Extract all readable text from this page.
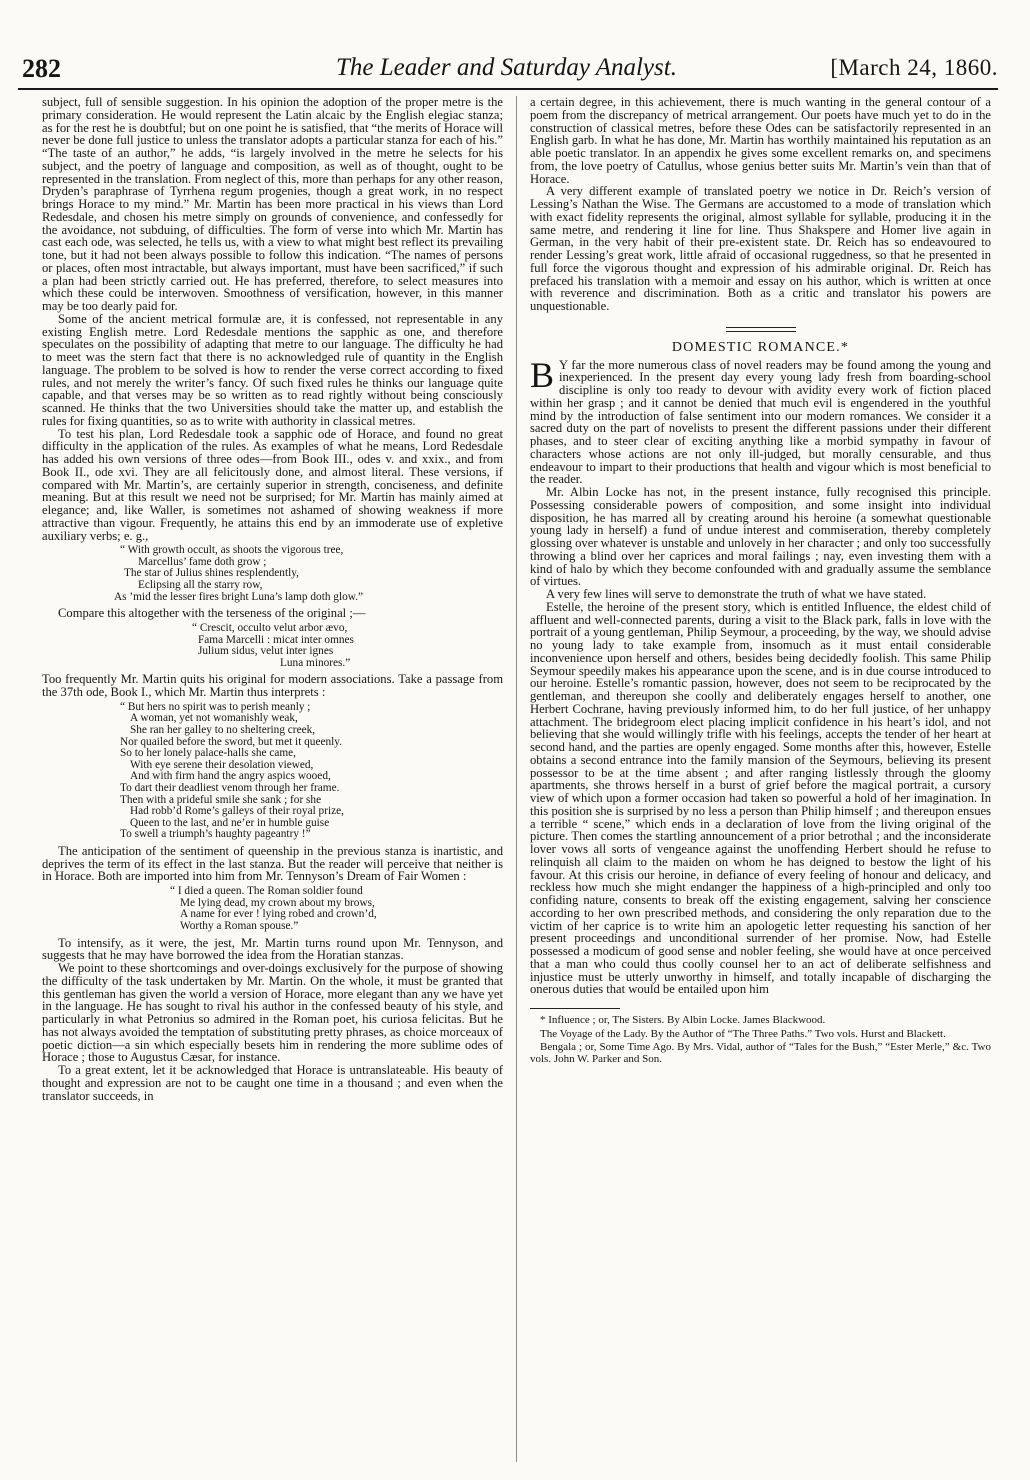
282	The Leader and Saturday Analyst.	[March 24, 1860.

subject, full of sensible suggestion. In his opinion the adoption of the proper metre is the primary consideration. He would represent the Latin alcaic by the English elegiac stanza; as for the rest he is doubtful; but on one point he is satisfied, that “the merits of Horace will never be done full justice to unless the translator adopts a particular stanza for each of his.” “The taste of an author,” he adds, “is largely involved in the metre he selects for his subject, and the poetry of language and composition, as well as of thought, ought to be represented in the translation. From neglect of this, more than perhaps for any other reason, Dryden’s paraphrase of Tyrrhena regum progenies, though a great work, in no respect brings Horace to my mind.” Mr. Martin has been more practical in his views than Lord Redesdale, and chosen his metre simply on grounds of convenience, and confessedly for the avoidance, not subduing, of difficulties. The form of verse into which Mr. Martin has cast each ode, was selected, he tells us, with a view to what might best reflect its prevailing tone, but it had not been always possible to follow this indication. “The names of persons or places, often most intractable, but always important, must have been sacrificed,” if such a plan had been strictly carried out. He has preferred, therefore, to select measures into which these could be interwoven. Smoothness of versification, however, in this manner may be too dearly paid for.

Some of the ancient metrical formulæ are, it is confessed, not representable in any existing English metre. Lord Redesdale mentions the sapphic as one, and therefore speculates on the possibility of adapting that metre to our language. The difficulty he had to meet was the stern fact that there is no acknowledged rule of quantity in the English language. The problem to be solved is how to render the verse correct according to fixed rules, and not merely the writer’s fancy. Of such fixed rules he thinks our language quite capable, and that verses may be so written as to read rightly without being consciously scanned. He thinks that the two Universities should take the matter up, and establish the rules for fixing quantities, so as to write with authority in classical metres.

To test his plan, Lord Redesdale took a sapphic ode of Horace, and found no great difficulty in the application of the rules. As examples of what he means, Lord Redesdale has added his own versions of three odes—from Book III., odes v. and xxix., and from Book II., ode xvi. They are all felicitously done, and almost literal. These versions, if compared with Mr. Martin’s, are certainly superior in strength, conciseness, and definite meaning. But at this result we need not be surprised; for Mr. Martin has mainly aimed at elegance; and, like Waller, is sometimes not ashamed of showing weakness if more attractive than vigour. Frequently, he attains this end by an immoderate use of expletive auxiliary verbs; e. g.,

“ With growth occult, as shoots the vigorous tree,
Marcellus’ fame doth grow ;
The star of Julius shines resplendently,
Eclipsing all the starry row,
As ’mid the lesser fires bright Luna’s lamp doth glow.”

Compare this altogether with the terseness of the original ;—

“ Crescit, occulto velut arbor ævo,
Fama Marcelli : micat inter omnes
Julium sidus, velut inter ignes
Luna minores.”

Too frequently Mr. Martin quits his original for modern associations. Take a passage from the 37th ode, Book I., which Mr. Martin thus interprets :

“ But hers no spirit was to perish meanly ;
A woman, yet not womanishly weak,
She ran her galley to no sheltering creek,
Nor quailed before the sword, but met it queenly.
So to her lonely palace-halls she came,
With eye serene their desolation viewed,
And with firm hand the angry aspics wooed,
To dart their deadliest venom through her frame.
Then with a prideful smile she sank ; for she
Had robb’d Rome’s galleys of their royal prize,
Queen to the last, and ne’er in humble guise
To swell a triumph’s haughty pageantry !”

The anticipation of the sentiment of queenship in the previous stanza is inartistic, and deprives the term of its effect in the last stanza. But the reader will perceive that neither is in Horace. Both are imported into him from Mr. Tennyson’s Dream of Fair Women :

“ I died a queen. The Roman soldier found
Me lying dead, my crown about my brows,
A name for ever ! lying robed and crown’d,
Worthy a Roman spouse.”

To intensify, as it were, the jest, Mr. Martin turns round upon Mr. Tennyson, and suggests that he may have borrowed the idea from the Horatian stanzas.

We point to these shortcomings and over-doings exclusively for the purpose of showing the difficulty of the task undertaken by Mr. Martin. On the whole, it must be granted that this gentleman has given the world a version of Horace, more elegant than any we have yet in the language. He has sought to rival his author in the confessed beauty of his style, and particularly in what Petronius so admired in the Roman poet, his curiosa felicitas. But he has not always avoided the temptation of substituting pretty phrases, as choice morceaux of poetic diction—a sin which especially besets him in rendering the more sublime odes of Horace ; those to Augustus Cæsar, for instance.

To a great extent, let it be acknowledged that Horace is untranslateable. His beauty of thought and expression are not to be caught one time in a thousand ; and even when the translator succeeds, in

a certain degree, in this achievement, there is much wanting in the general contour of a poem from the discrepancy of metrical arrangement. Our poets have much yet to do in the construction of classical metres, before these Odes can be satisfactorily represented in an English garb. In what he has done, Mr. Martin has worthily maintained his reputation as an able poetic translator. In an appendix he gives some excellent remarks on, and specimens from, the love poetry of Catullus, whose genius better suits Mr. Martin’s vein than that of Horace.

A very different example of translated poetry we notice in Dr. Reich’s version of Lessing’s Nathan the Wise. The Germans are accustomed to a mode of translation which with exact fidelity represents the original, almost syllable for syllable, producing it in the same metre, and rendering it line for line. Thus Shakspere and Homer live again in German, in the very habit of their pre-existent state. Dr. Reich has so endeavoured to render Lessing’s great work, little afraid of occasional ruggedness, so that he presented in full force the vigorous thought and expression of his admirable original. Dr. Reich has prefaced his translation with a memoir and essay on his author, which is written at once with reverence and discrimination. Both as a critic and translator his powers are unquestionable.

DOMESTIC ROMANCE.*

B Y far the more numerous class of novel readers may be found among the young and inexperienced. In the present day every young lady fresh from boarding-school discipline is only too ready to devour with avidity every work of fiction placed within her grasp ; and it cannot be denied that much evil is engendered in the youthful mind by the introduction of false sentiment into our modern romances. We consider it a sacred duty on the part of novelists to present the different passions under their different phases, and to steer clear of exciting anything like a morbid sympathy in favour of characters whose actions are not only ill-judged, but morally censurable, and thus endeavour to impart to their productions that health and vigour which is most beneficial to the reader.

Mr. Albin Locke has not, in the present instance, fully recognised this principle. Possessing considerable powers of composition, and some insight into individual disposition, he has marred all by creating around his heroine (a somewhat questionable young lady in herself) a fund of undue interest and commiseration, thereby completely glossing over whatever is unstable and unlovely in her character ; and only too successfully throwing a blind over her caprices and moral failings ; nay, even investing them with a kind of halo by which they become confounded with and gradually assume the semblance of virtues.

A very few lines will serve to demonstrate the truth of what we have stated.

Estelle, the heroine of the present story, which is entitled Influence, the eldest child of affluent and well-connected parents, during a visit to the Black park, falls in love with the portrait of a young gentleman, Philip Seymour, a proceeding, by the way, we should advise no young lady to take example from, insomuch as it must entail considerable inconvenience upon herself and others, besides being decidedly foolish. This same Philip Seymour speedily makes his appearance upon the scene, and is in due course introduced to our heroine. Estelle’s romantic passion, however, does not seem to be reciprocated by the gentleman, and thereupon she coolly and deliberately engages herself to another, one Herbert Cochrane, having previously informed him, to do her full justice, of her unhappy attachment. The bridegroom elect placing implicit confidence in his heart’s idol, and not believing that she would willingly trifle with his feelings, accepts the tender of her heart at second hand, and the parties are openly engaged. Some months after this, however, Estelle obtains a second entrance into the family mansion of the Seymours, believing its present possessor to be at the time absent ; and after ranging listlessly through the gloomy apartments, she throws herself in a burst of grief before the magical portrait, a cursory view of which upon a former occasion had taken so powerful a hold of her imagination. In this position she is surprised by no less a person than Philip himself ; and thereupon ensues a terrible “ scene,” which ends in a declaration of love from the living original of the picture. Then comes the startling announcement of a prior betrothal ; and the inconsiderate lover vows all sorts of vengeance against the unoffending Herbert should he refuse to relinquish all claim to the maiden on whom he has deigned to bestow the light of his favour. At this crisis our heroine, in defiance of every feeling of honour and delicacy, and reckless how much she might endanger the happiness of a high-principled and only too confiding nature, consents to break off the existing engagement, salving her conscience according to her own prescribed methods, and considering the only reparation due to the victim of her caprice is to write him an apologetic letter requesting his sanction of her present proceedings and unconditional surrender of her promise. Now, had Estelle possessed a modicum of good sense and nobler feeling, she would have at once perceived that a man who could thus coolly counsel her to an act of deliberate selfishness and injustice must be utterly unworthy in himself, and totally incapable of discharging the onerous duties that would be entailed upon him

* Influence ; or, The Sisters. By Albin Locke. James Blackwood.

The Voyage of the Lady. By the Author of “The Three Paths.” Two vols. Hurst and Blackett.

Bengala ; or, Some Time Ago. By Mrs. Vidal, author of “Tales for the Bush,” “Ester Merle,” &c. Two vols. John W. Parker and Son.
